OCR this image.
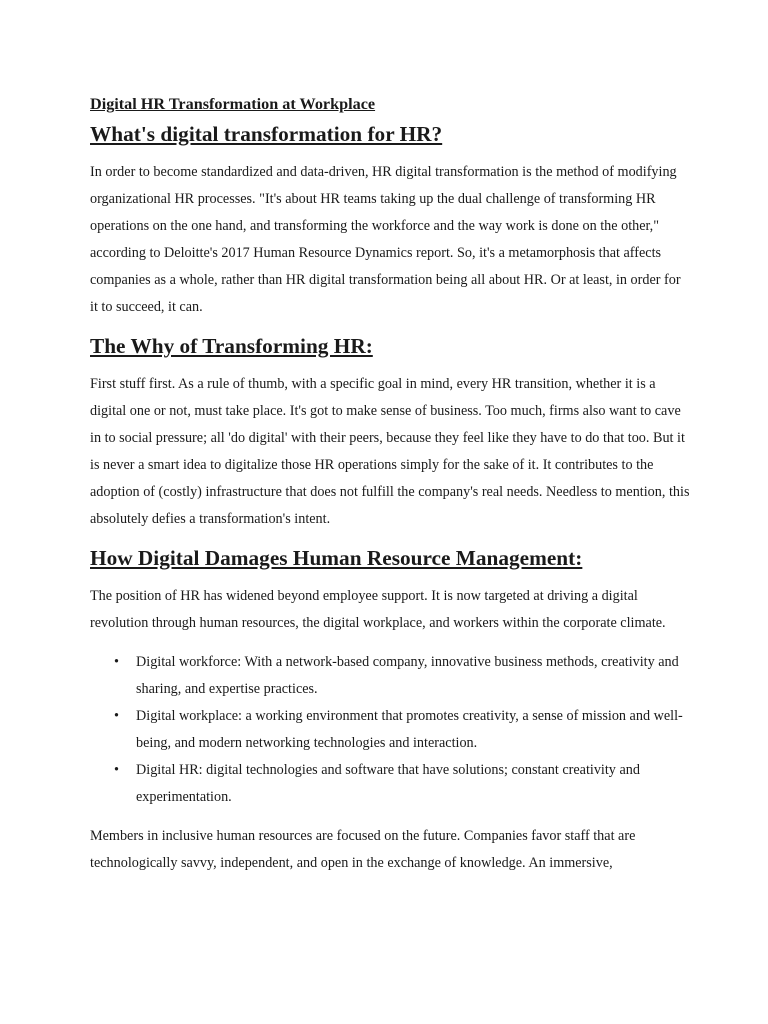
Digital HR Transformation at Workplace
What's digital transformation for HR?

In order to become standardized and data-driven, HR digital transformation is the method of modifying organizational HR processes. "It's about HR teams taking up the dual challenge of transforming HR operations on the one hand, and transforming the workforce and the way work is done on the other," according to Deloitte's 2017 Human Resource Dynamics report. So, it's a metamorphosis that affects companies as a whole, rather than HR digital transformation being all about HR. Or at least, in order for it to succeed, it can.

The Why of Transforming HR:

First stuff first. As a rule of thumb, with a specific goal in mind, every HR transition, whether it is a digital one or not, must take place. It's got to make sense of business. Too much, firms also want to cave in to social pressure; all 'do digital' with their peers, because they feel like they have to do that too. But it is never a smart idea to digitalize those HR operations simply for the sake of it. It contributes to the adoption of (costly) infrastructure that does not fulfill the company's real needs. Needless to mention, this absolutely defies a transformation's intent.

How Digital Damages Human Resource Management:

The position of HR has widened beyond employee support. It is now targeted at driving a digital revolution through human resources, the digital workplace, and workers within the corporate climate.

• Digital workforce: With a network-based company, innovative business methods, creativity and sharing, and expertise practices.
• Digital workplace: a working environment that promotes creativity, a sense of mission and well-being, and modern networking technologies and interaction.
• Digital HR: digital technologies and software that have solutions; constant creativity and experimentation.

Members in inclusive human resources are focused on the future. Companies favor staff that are technologically savvy, independent, and open in the exchange of knowledge. An immersive,
